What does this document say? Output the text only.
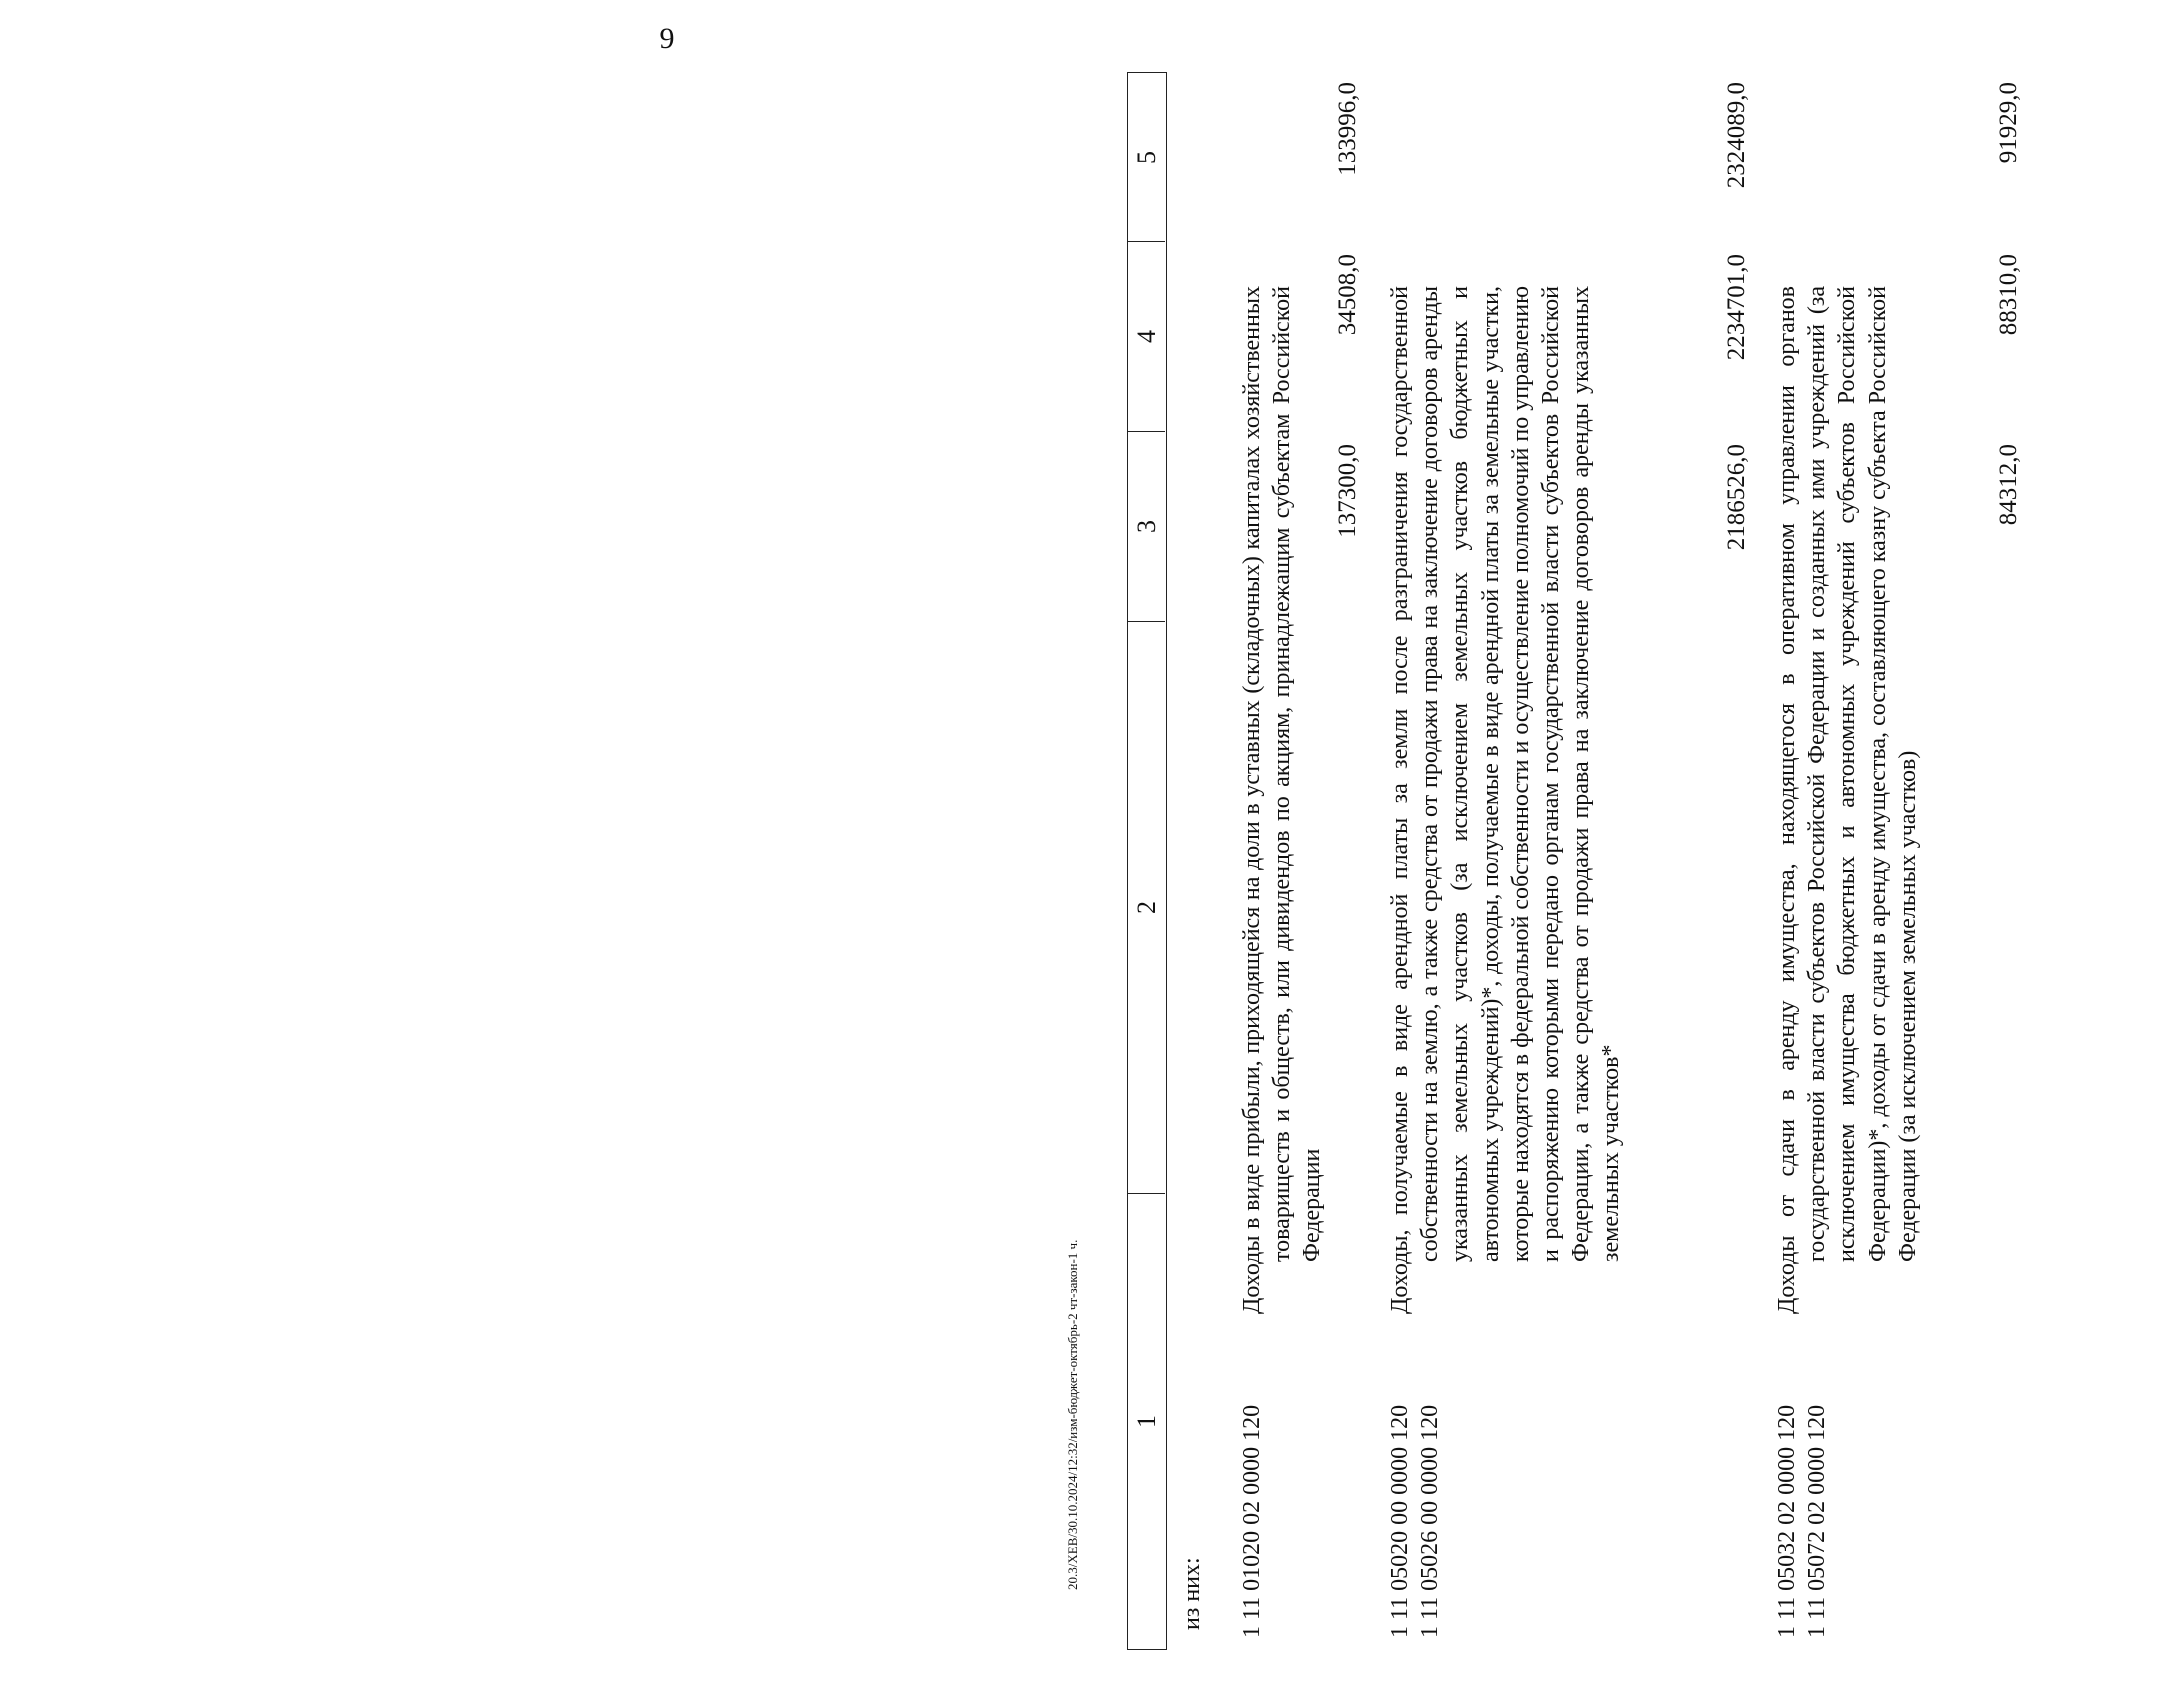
9
1
2
3
4
5
из них: 1 11 01020 02 0000 120
Доходы в виде прибыли, приходящейся на доли в уставных (складочных) капиталах хозяйственных товариществ и обществ, или дивидендов по акциям, принадлежащим субъектам Российской Федерации
137300,0
34508,0
133996,0
1 11 05020 00 0000 120 1 11 05026 00 0000 120
Доходы, получаемые в виде арендной платы за земли после разграничения государственной собственности на землю, а также средства от продажи права на заключение договоров аренды указанных земельных участков (за исключением земельных участков бюджетных и автономных учреждений)*, доходы, получаемые в виде арендной платы за земельные участки, которые находятся в федеральной собственности и осуществление полномочий по управлению и распоряжению которыми передано органам государственной власти субъектов Российской Федерации, а также средства от продажи права на заключение договоров аренды указанных земельных участков*
2186526,0
2234701,0
2324089,0
1 11 05032 02 0000 120 1 11 05072 02 0000 120
Доходы от сдачи в аренду имущества, находящегося в оперативном управлении органов государственной власти субъектов Российской Федерации и созданных ими учреждений (за исключением имущества бюджетных и автономных учреждений субъектов Российской Федерации)*, доходы от сдачи в аренду имущества, составляющего казну субъекта Российской Федерации (за исключением земельных участков)
84312,0
88310,0
91929,0
20.3/ХЕВ/30.10.2024/12:32/изм-бюджет-октябрь-2 чт-закон-1 ч.
